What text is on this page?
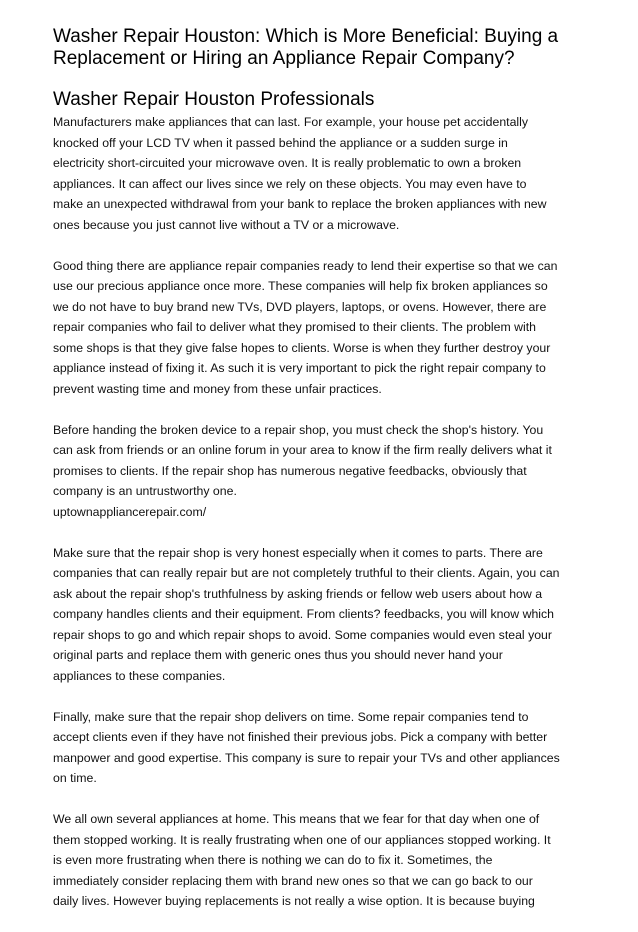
Washer Repair Houston: Which is More Beneficial: Buying a
Replacement or Hiring an Appliance Repair Company?
Washer Repair Houston Professionals
Manufacturers make appliances that can last. For example, your house pet accidentally
knocked off your LCD TV when it passed behind the appliance or a sudden surge in
electricity short-circuited your microwave oven. It is really problematic to own a broken
appliances. It can affect our lives since we rely on these objects. You may even have to
make an unexpected withdrawal from your bank to replace the broken appliances with new
ones because you just cannot live without a TV or a microwave.
Good thing there are appliance repair companies ready to lend their expertise so that we can
use our precious appliance once more. These companies will help fix broken appliances so
we do not have to buy brand new TVs, DVD players, laptops, or ovens. However, there are
repair companies who fail to deliver what they promised to their clients. The problem with
some shops is that they give false hopes to clients. Worse is when they further destroy your
appliance instead of fixing it. As such it is very important to pick the right repair company to
prevent wasting time and money from these unfair practices.
Before handing the broken device to a repair shop, you must check the shop's history. You
can ask from friends or an online forum in your area to know if the firm really delivers what it
promises to clients. If the repair shop has numerous negative feedbacks, obviously that
company is an untrustworthy one.
uptownappliancerepair.com/
Make sure that the repair shop is very honest especially when it comes to parts. There are
companies that can really repair but are not completely truthful to their clients. Again, you can
ask about the repair shop's truthfulness by asking friends or fellow web users about how a
company handles clients and their equipment. From clients? feedbacks, you will know which
repair shops to go and which repair shops to avoid. Some companies would even steal your
original parts and replace them with generic ones thus you should never hand your
appliances to these companies.
Finally, make sure that the repair shop delivers on time. Some repair companies tend to
accept clients even if they have not finished their previous jobs. Pick a company with better
manpower and good expertise. This company is sure to repair your TVs and other appliances
on time.
We all own several appliances at home. This means that we fear for that day when one of
them stopped working. It is really frustrating when one of our appliances stopped working. It
is even more frustrating when there is nothing we can do to fix it. Sometimes, the
immediately consider replacing them with brand new ones so that we can go back to our
daily lives. However buying replacements is not really a wise option. It is because buying
